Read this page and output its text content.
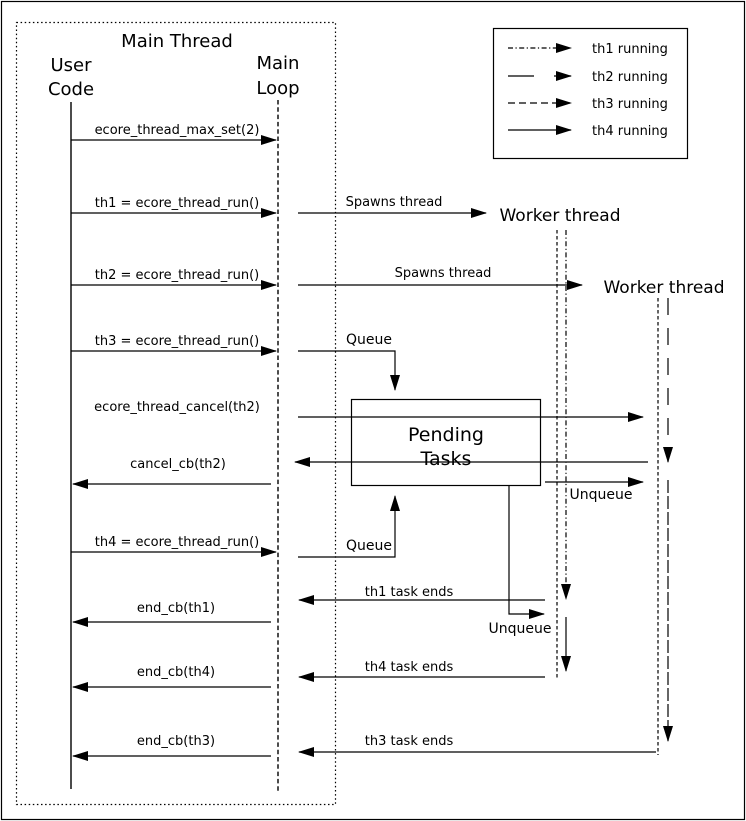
Main Thread
User
Code
Main
Loop
th1 running
th2 running
th3 running
th4 running
Worker thread
Worker thread
Pending
Tasks
ecore_thread_max_set(2)
th1 = ecore_thread_run()
th2 = ecore_thread_run()
th3 = ecore_thread_run()
ecore_thread_cancel(th2)
cancel_cb(th2)
th4 = ecore_thread_run()
end_cb(th1)
end_cb(th4)
end_cb(th3)
Spawns thread
Spawns thread
Queue
Unqueue
Unqueue
Queue
th1 task ends
th4 task ends
th3 task ends
